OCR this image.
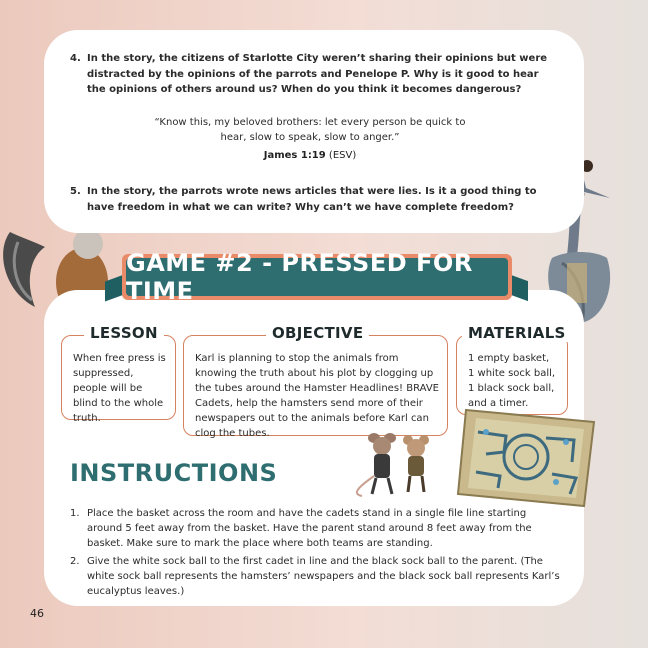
4. In the story, the citizens of Starlotte City weren’t sharing their opinions but were distracted by the opinions of the parrots and Penelope P. Why is it good to hear the opinions of others around us? When do you think it becomes dangerous?
“Know this, my beloved brothers: let every person be quick to hear, slow to speak, slow to anger.”
James 1:19 (ESV)
5. In the story, the parrots wrote news articles that were lies. Is it a good thing to have freedom in what we can write? Why can’t we have complete freedom?
GAME #2 - PRESSED FOR TIME
LESSON
When free press is suppressed, people will be blind to the whole truth.
OBJECTIVE
Karl is planning to stop the animals from knowing the truth about his plot by clogging up the tubes around the Hamster Headlines! BRAVE Cadets, help the hamsters send more of their newspapers out to the animals before Karl can clog the tubes.
MATERIALS
1 empty basket,
1 white sock ball,
1 black sock ball,
and a timer.
INSTRUCTIONS
1. Place the basket across the room and have the cadets stand in a single file line starting around 5 feet away from the basket. Have the parent stand around 8 feet away from the basket. Make sure to mark the place where both teams are standing.
2. Give the white sock ball to the first cadet in line and the black sock ball to the parent. (The white sock ball represents the hamsters’ newspapers and the black sock ball represents Karl’s eucalyptus leaves.)
46
